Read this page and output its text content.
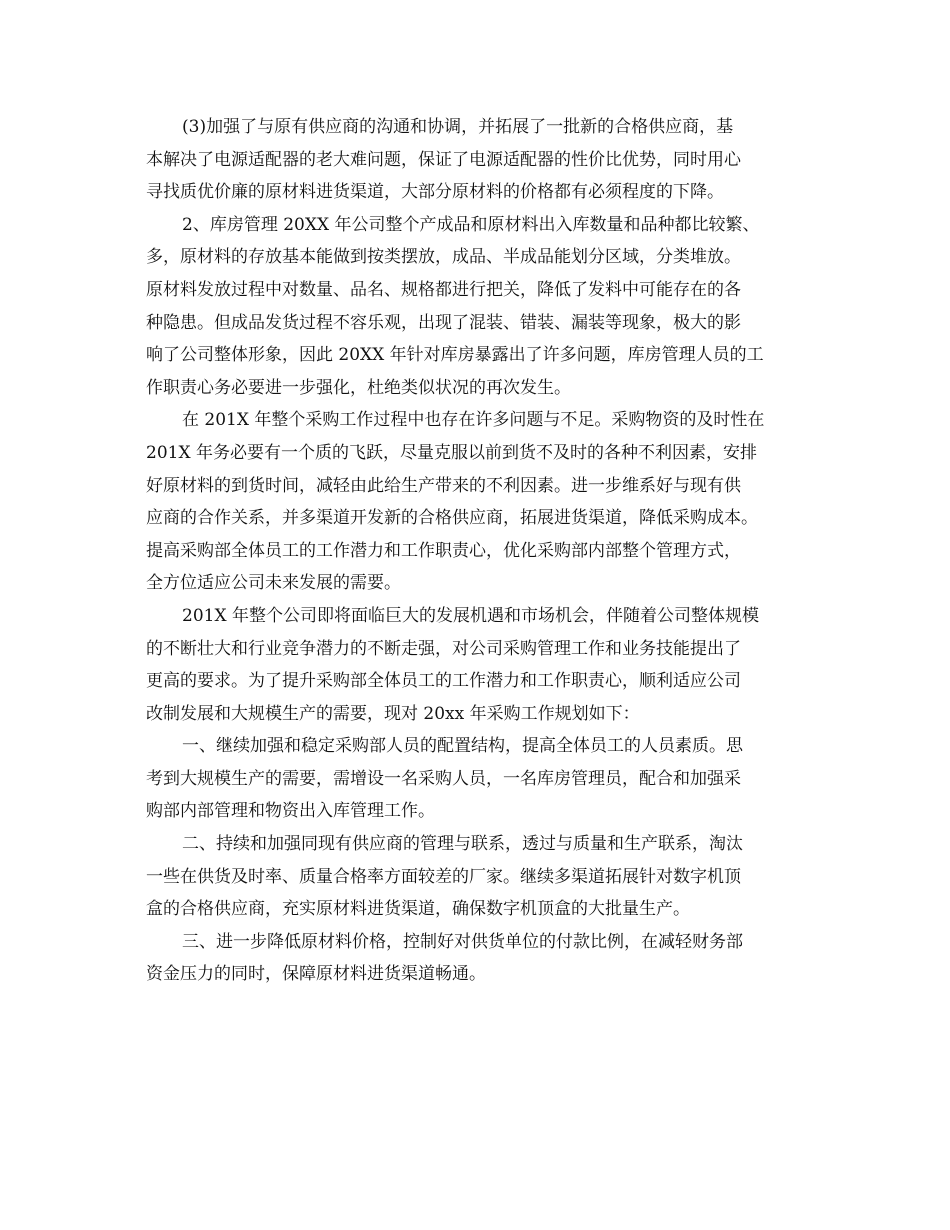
(3)加强了与原有供应商的沟通和协调，并拓展了一批新的合格供应商，基
本解决了电源适配器的老大难问题，保证了电源适配器的性价比优势，同时用心
寻找质优价廉的原材料进货渠道，大部分原材料的价格都有必须程度的下降。

2、库房管理 20XX 年公司整个产成品和原材料出入库数量和品种都比较繁、
多，原材料的存放基本能做到按类摆放，成品、半成品能划分区域，分类堆放。
原材料发放过程中对数量、品名、规格都进行把关，降低了发料中可能存在的各
种隐患。但成品发货过程不容乐观，出现了混装、错装、漏装等现象，极大的影
响了公司整体形象，因此 20XX 年针对库房暴露出了许多问题，库房管理人员的工
作职责心务必要进一步强化，杜绝类似状况的再次发生。

在 201X 年整个采购工作过程中也存在许多问题与不足。采购物资的及时性在
201X 年务必要有一个质的飞跃，尽量克服以前到货不及时的各种不利因素，安排
好原材料的到货时间，减轻由此给生产带来的不利因素。进一步维系好与现有供
应商的合作关系，并多渠道开发新的合格供应商，拓展进货渠道，降低采购成本。
提高采购部全体员工的工作潜力和工作职责心，优化采购部内部整个管理方式，
全方位适应公司未来发展的需要。

201X 年整个公司即将面临巨大的发展机遇和市场机会，伴随着公司整体规模
的不断壮大和行业竞争潜力的不断走强，对公司采购管理工作和业务技能提出了
更高的要求。为了提升采购部全体员工的工作潜力和工作职责心，顺利适应公司
改制发展和大规模生产的需要，现对 20xx 年采购工作规划如下：

一、继续加强和稳定采购部人员的配置结构，提高全体员工的人员素质。思
考到大规模生产的需要，需增设一名采购人员，一名库房管理员，配合和加强采
购部内部管理和物资出入库管理工作。

二、持续和加强同现有供应商的管理与联系，透过与质量和生产联系，淘汰
一些在供货及时率、质量合格率方面较差的厂家。继续多渠道拓展针对数字机顶
盒的合格供应商，充实原材料进货渠道，确保数字机顶盒的大批量生产。

三、进一步降低原材料价格，控制好对供货单位的付款比例，在减轻财务部
资金压力的同时，保障原材料进货渠道畅通。
